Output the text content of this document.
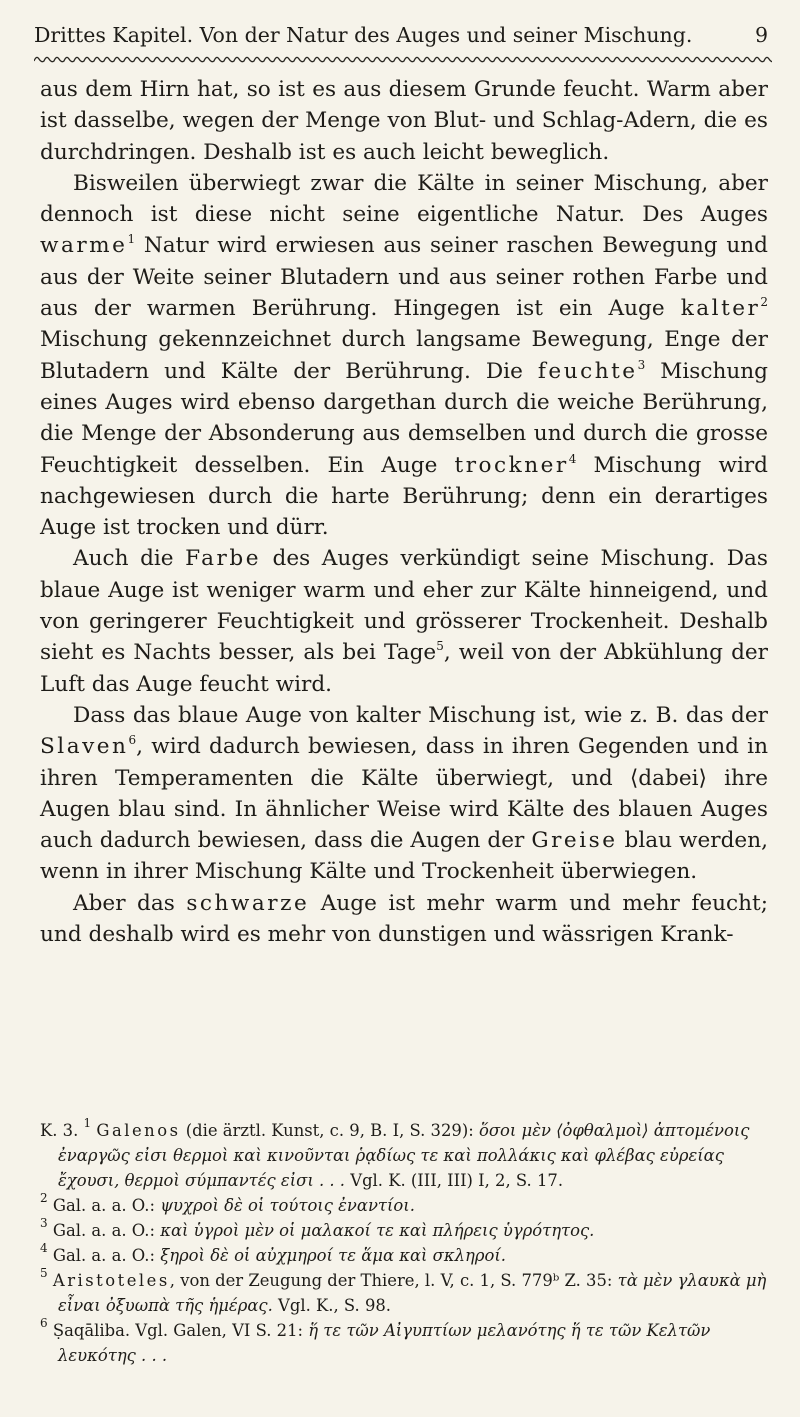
Drittes Kapitel. Von der Natur des Auges und seiner Mischung.	9

aus dem Hirn hat, so ist es aus diesem Grunde feucht. Warm aber ist dasselbe, wegen der Menge von Blut- und Schlag-Adern, die es durchdringen. Deshalb ist es auch leicht beweglich.

Bisweilen überwiegt zwar die Kälte in seiner Mischung, aber dennoch ist diese nicht seine eigentliche Natur. Des Auges warme$^1$ Natur wird erwiesen aus seiner raschen Bewegung und aus der Weite seiner Blutadern und aus seiner rothen Farbe und aus der warmen Berührung. Hingegen ist ein Auge kalter$^2$ Mischung gekennzeichnet durch langsame Bewegung, Enge der Blutadern und Kälte der Berührung. Die feuchte$^3$ Mischung eines Auges wird ebenso dargethan durch die weiche Berührung, die Menge der Absonderung aus demselben und durch die grosse Feuchtigkeit desselben. Ein Auge trockner$^4$ Mischung wird nachgewiesen durch die harte Berührung; denn ein derartiges Auge ist trocken und dürr.

Auch die Farbe des Auges verkündigt seine Mischung. Das blaue Auge ist weniger warm und eher zur Kälte hinneigend, und von geringerer Feuchtigkeit und grösserer Trockenheit. Deshalb sieht es Nachts besser, als bei Tage$^5$, weil von der Abkühlung der Luft das Auge feucht wird.

Dass das blaue Auge von kalter Mischung ist, wie z. B. das der Slaven$^6$, wird dadurch bewiesen, dass in ihren Gegenden und in ihren Temperamenten die Kälte überwiegt, und ⟨dabei⟩ ihre Augen blau sind. In ähnlicher Weise wird Kälte des blauen Auges auch dadurch bewiesen, dass die Augen der Greise blau werden, wenn in ihrer Mischung Kälte und Trockenheit überwiegen.

Aber das schwarze Auge ist mehr warm und mehr feucht; und deshalb wird es mehr von dunstigen und wässrigen Krank-

K. 3. $^1$ Galenos (die ärztl. Kunst, c. 9, B. I, S. 329): ὅσοι μὲν ⟨ὀφθαλμοὶ⟩ ἁπτομένοις ἐναργῶς εἰσι θερμοὶ καὶ κινοῦνται ῥᾳδίως τε καὶ πολλάκις καὶ φλέβας εὐρείας ἔχουσι, θερμοὶ σύμπαντές εἰσι . . . Vgl. K. (III, III) I, 2, S. 17.

$^2$ Gal. a. a. O.: ψυχροὶ δὲ οἱ τούτοις ἐναντίοι.

$^3$ Gal. a. a. O.: καὶ ὑγροὶ μὲν οἱ μαλακοί τε καὶ πλήρεις ὑγρότητος.

$^4$ Gal. a. a. O.: ξηροὶ δὲ οἱ αὐχμηροί τε ἅμα καὶ σκληροί.

$^5$ Aristoteles, von der Zeugung der Thiere, l. V, c. 1, S. 779ᵇ Z. 35: τὰ μὲν γλαυκὰ μὴ εἶναι ὀξυωπὰ τῆς ἡμέρας. Vgl. K., S. 98.

$^6$ Ṣaqāliba. Vgl. Galen, VI S. 21: ἥ τε τῶν Αἰγυπτίων μελανότης ἥ τε τῶν Κελτῶν λευκότης . . .
